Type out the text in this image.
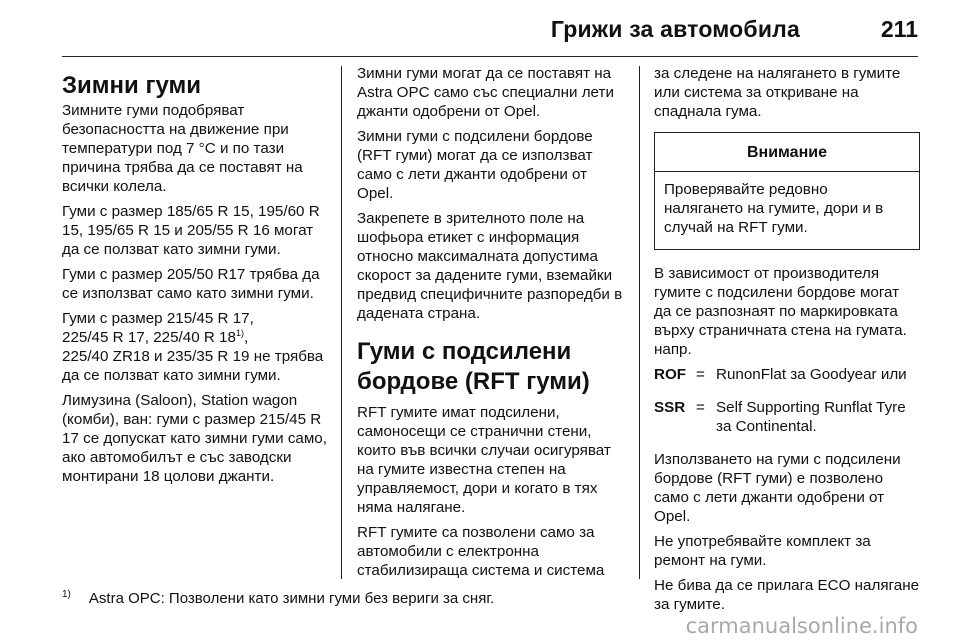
Грижи за автомобила	211
Зимни гуми

Зимните гуми подобряват безопасността на движение при температури под 7 °C и по тази причина трябва да се поставят на всички колела.

Гуми с размер 185/65 R 15, 195/60 R 15, 195/65 R 15 и 205/55 R 16 могат да се ползват като зимни гуми.

Гуми с размер 205/50 R17 трябва да се използват само като зимни гуми.

Гуми с размер 215/45 R 17,
225/45 R 17, 225/40 R 18$^{1)}$,
225/40 ZR18 и 235/35 R 19 не трябва да се ползват като зимни гуми.

Лимузина (Saloon), Station wagon (комби), ван: гуми с размер 215/45 R 17 се допускат като зимни гуми само, ако автомобилът е със заводски монтирани 18 цолови джанти.

Зимни гуми могат да се поставят на Astra OPC само със специални лети джанти одобрени от Opel.

Зимни гуми с подсилени бордове (RFT гуми) могат да се използват само с лети джанти одобрени от Opel.

Закрепете в зрителното поле на шофьора етикет с информация относно максималната допустима скорост за дадените гуми, вземайки предвид специфичните разпоредби в дадената страна.

Гуми с подсилени бордове (RFT гуми)

RFT гумите имат подсилени, самоносещи се странични стени, които във всички случаи осигуряват на гумите известна степен на управляемост, дори и когато в тях няма налягане.

RFT гумите са позволени само за автомобили с електронна стабилизираща система и система

за следене на налягането в гумите или система за откриване на спаднала гума.

Внимание
Проверявайте редовно налягането на гумите, дори и в случай на RFT гуми.

В зависимост от производителя гумите с подсилени бордове могат да се разпознаят по маркировката върху страничната стена на гумата. напр.

ROF = RunonFlat за Goodyear или
SSR = Self Supporting Runflat Tyre за Continental.

Използването на гуми с подсилени бордове (RFT гуми) е позволено само с лети джанти одобрени от Opel.

Не употребявайте комплект за ремонт на гуми.

Не бива да се прилага ECO налягане за гумите.

$^{1)}$ Astra OPC: Позволени като зимни гуми без вериги за сняг.
carmanualsonline.info
